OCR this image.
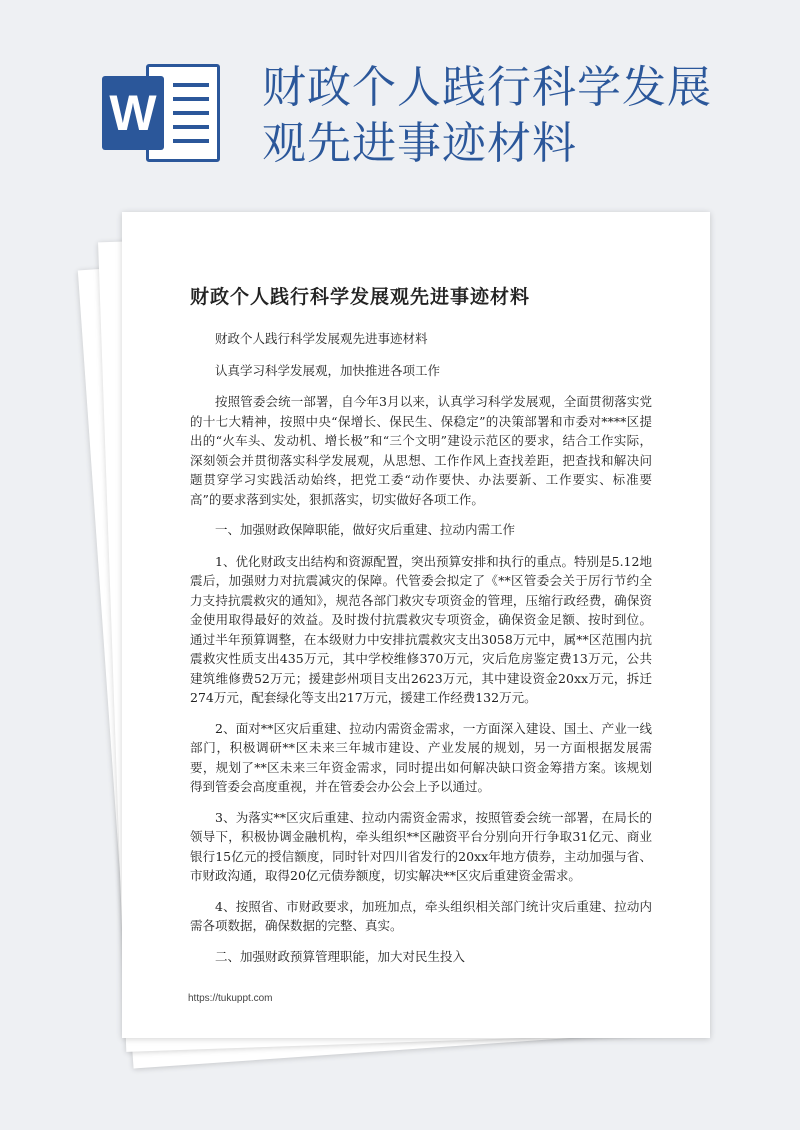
W 财政个人践行科学发展观先进事迹材料
财政个人践行科学发展观先进事迹材料

财政个人践行科学发展观先进事迹材料

认真学习科学发展观，加快推进各项工作

按照管委会统一部署，自今年3月以来，认真学习科学发展观，全面贯彻落实党的十七大精神，按照中央“保增长、保民生、保稳定”的决策部署和市委对****区提出的“火车头、发动机、增长极”和“三个文明”建设示范区的要求，结合工作实际，深刻领会并贯彻落实科学发展观，从思想、工作作风上查找差距，把查找和解决问题贯穿学习实践活动始终，把党工委“动作要快、办法要新、工作要实、标准要高”的要求落到实处，狠抓落实，切实做好各项工作。

一、加强财政保障职能，做好灾后重建、拉动内需工作

1、优化财政支出结构和资源配置，突出预算安排和执行的重点。特别是5.12地震后，加强财力对抗震减灾的保障。代管委会拟定了《**区管委会关于厉行节约全力支持抗震救灾的通知》，规范各部门救灾专项资金的管理，压缩行政经费，确保资金使用取得最好的效益。及时拨付抗震救灾专项资金，确保资金足额、按时到位。通过半年预算调整，在本级财力中安排抗震救灾支出3058万元中，属**区范围内抗震救灾性质支出435万元，其中学校维修370万元，灾后危房鉴定费13万元，公共建筑维修费52万元；援建彭州项目支出2623万元，其中建设资金20xx万元，拆迁274万元，配套绿化等支出217万元，援建工作经费132万元。

2、面对**区灾后重建、拉动内需资金需求，一方面深入建设、国土、产业一线部门，积极调研**区未来三年城市建设、产业发展的规划，另一方面根据发展需要，规划了**区未来三年资金需求，同时提出如何解决缺口资金筹措方案。该规划得到管委会高度重视，并在管委会办公会上予以通过。

3、为落实**区灾后重建、拉动内需资金需求，按照管委会统一部署，在局长的领导下，积极协调金融机构，牵头组织**区融资平台分别向开行争取31亿元、商业银行15亿元的授信额度，同时针对四川省发行的20xx年地方债券，主动加强与省、市财政沟通，取得20亿元债券额度，切实解决**区灾后重建资金需求。

4、按照省、市财政要求，加班加点，牵头组织相关部门统计灾后重建、拉动内需各项数据，确保数据的完整、真实。

二、加强财政预算管理职能，加大对民生投入

https://tukuppt.com
